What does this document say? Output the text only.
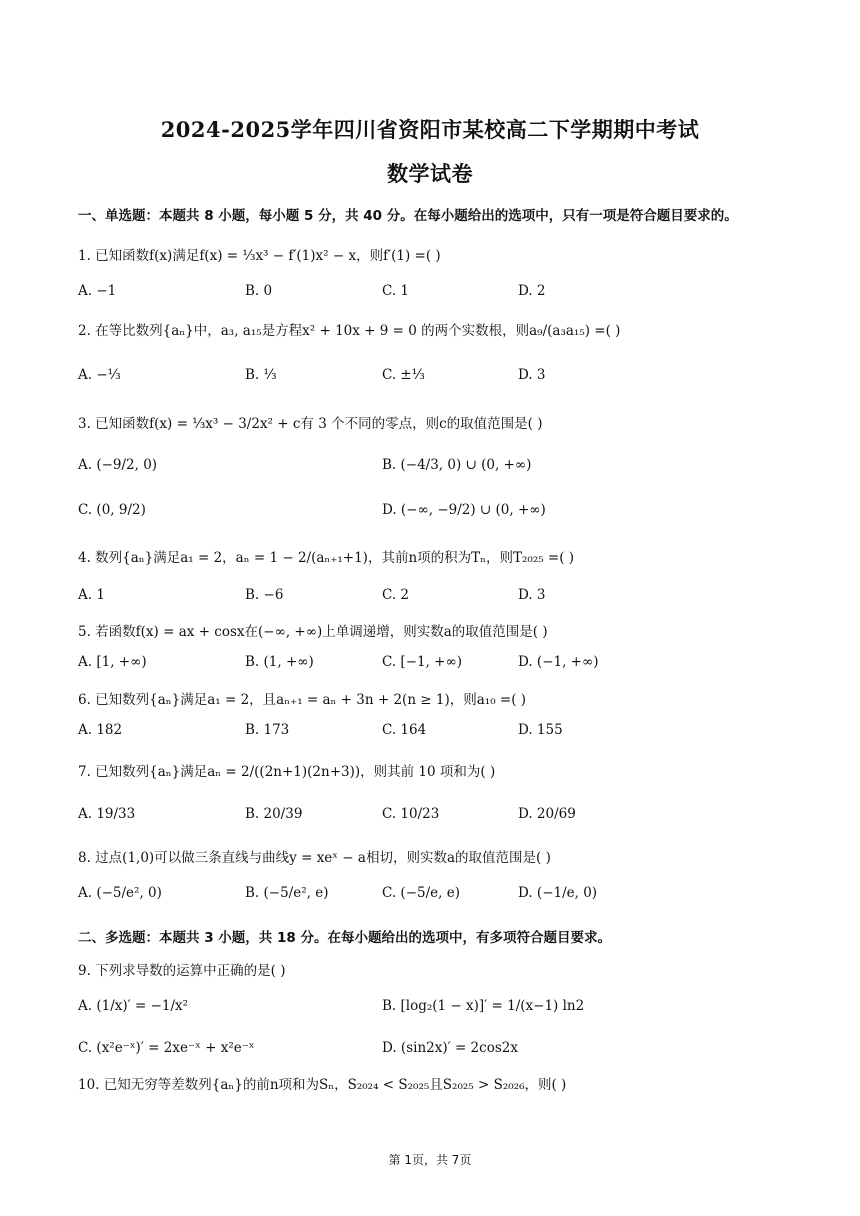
2024-2025学年四川省资阳市某校高二下学期期中考试
数学试卷
一、单选题：本题共 8 小题，每小题 5 分，共 40 分。在每小题给出的选项中，只有一项是符合题目要求的。
1. 已知函数f(x)满足f(x) = ⅓x³ − f′(1)x² − x，则f′(1) =( )
A. −1	B. 0	C. 1	D. 2
2. 在等比数列{aₙ}中，a₃, a₁₅是方程x² + 10x + 9 = 0 的两个实数根，则a₉/(a₃a₁₅) =( )
A. −⅓	B. ⅓	C. ±⅓	D. 3
3. 已知函数f(x) = ⅓x³ − 3/2x² + c有 3 个不同的零点，则c的取值范围是( )
A. (−9/2, 0)	B. (−4/3, 0) ∪ (0, +∞)
C. (0, 9/2)	D. (−∞, −9/2) ∪ (0, +∞)
4. 数列{aₙ}满足a₁ = 2，aₙ = 1 − 2/(aₙ₊₁+1)，其前n项的积为Tₙ，则T₂₀₂₅ =( )
A. 1	B. −6	C. 2	D. 3
5. 若函数f(x) = ax + cosx在(−∞, +∞)上单调递增，则实数a的取值范围是( )
A. [1, +∞)	B. (1, +∞)	C. [−1, +∞)	D. (−1, +∞)
6. 已知数列{aₙ}满足a₁ = 2，且aₙ₊₁ = aₙ + 3n + 2(n ≥ 1)，则a₁₀ =( )
A. 182	B. 173	C. 164	D. 155
7. 已知数列{aₙ}满足aₙ = 2/((2n+1)(2n+3))，则其前 10 项和为( )
A. 19/33	B. 20/39	C. 10/23	D. 20/69
8. 过点(1,0)可以做三条直线与曲线y = xeˣ − a相切，则实数a的取值范围是( )
A. (−5/e², 0)	B. (−5/e², e)	C. (−5/e, e)	D. (−1/e, 0)
二、多选题：本题共 3 小题，共 18 分。在每小题给出的选项中，有多项符合题目要求。
9. 下列求导数的运算中正确的是( )
A. (1/x)′ = −1/x²	B. [log₂(1 − x)]′ = 1/(x−1) ln2
C. (x²e⁻ˣ)′ = 2xe⁻ˣ + x²e⁻ˣ	D. (sin2x)′ = 2cos2x
10. 已知无穷等差数列{aₙ}的前n项和为Sₙ，S₂₀₂₄ < S₂₀₂₅且S₂₀₂₅ > S₂₀₂₆，则( )
第 1页，共 7页
